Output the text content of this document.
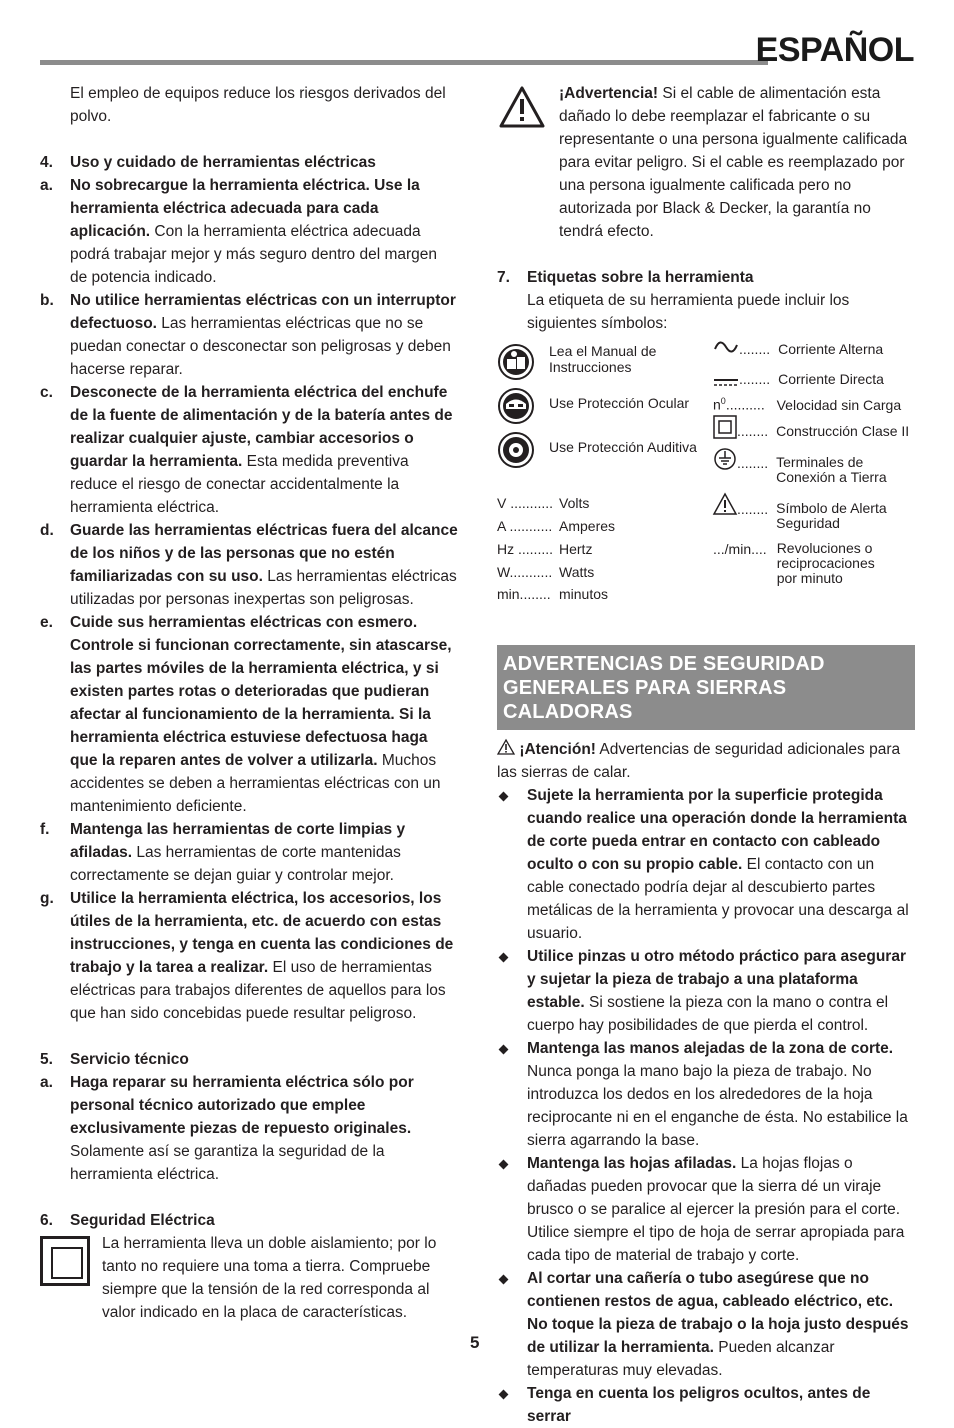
ESPAÑOL

El empleo de equipos reduce los riesgos derivados del polvo.

4. Uso y cuidado de herramientas eléctricas
a. No sobrecargue la herramienta eléctrica. Use la herramienta eléctrica adecuada para cada aplicación. Con la herramienta eléctrica adecuada podrá trabajar mejor y más seguro dentro del margen de potencia indicado.
b. No utilice herramientas eléctricas con un interruptor defectuoso. Las herramientas eléctricas que no se puedan conectar o desconectar son peligrosas y deben hacerse reparar.
c. Desconecte de la herramienta eléctrica del enchufe de la fuente de alimentación y de la batería antes de realizar cualquier ajuste, cambiar accesorios o guardar la herramienta. Esta medida preventiva reduce el riesgo de conectar accidentalmente la herramienta eléctrica.
d. Guarde las herramientas eléctricas fuera del alcance de los niños y de las personas que no estén familiarizadas con su uso. Las herramientas eléctricas utilizadas por personas inexpertas son peligrosas.
e. Cuide sus herramientas eléctricas con esmero. Controle si funcionan correctamente, sin atascarse, las partes móviles de la herramienta eléctrica, y si existen partes rotas o deterioradas que pudieran afectar al funcionamiento de la herramienta. Si la herramienta eléctrica estuviese defectuosa haga que la reparen antes de volver a utilizarla. Muchos accidentes se deben a herramientas eléctricas con un mantenimiento deficiente.
f. Mantenga las herramientas de corte limpias y afiladas. Las herramientas de corte mantenidas correctamente se dejan guiar y controlar mejor.
g. Utilice la herramienta eléctrica, los accesorios, los útiles de la herramienta, etc. de acuerdo con estas instrucciones, y tenga en cuenta las condiciones de trabajo y la tarea a realizar. El uso de herramientas eléctricas para trabajos diferentes de aquellos para los que han sido concebidas puede resultar peligroso.
5. Servicio técnico
a. Haga reparar su herramienta eléctrica sólo por personal técnico autorizado que emplee exclusivamente piezas de repuesto originales. Solamente así se garantiza la seguridad de la herramienta eléctrica.
6. Seguridad Eléctrica

La herramienta lleva un doble aislamiento; por lo tanto no requiere una toma a tierra. Compruebe siempre que la tensión de la red corresponda al valor indicado en la placa de características.

¡Advertencia! Si el cable de alimentación esta dañado lo debe reemplazar el fabricante o su representante o una persona igualmente calificada para evitar peligro. Si el cable es reemplazado por una persona igualmente calificada pero no autorizada por Black & Decker, la garantía no tendrá efecto.

7. Etiquetas sobre la herramienta

La etiqueta de su herramienta puede incluir los siguientes símbolos:

Lea el Manual de Instrucciones
Use Protección Ocular
Use Protección Auditiva
V ........... Volts
A ........... Amperes
Hz ......... Hertz
W........... Watts
min........ minutos
........ Corriente Alterna
........ Corriente Directa
$n^0$.......... Velocidad sin Carga
........ Construcción Clase II
........ Terminales de Conexión a Tierra
........ Símbolo de Alerta Seguridad
.../min.... Revoluciones o reciprocaciones por minuto
ADVERTENCIAS DE SEGURIDAD
GENERALES PARA SIERRAS CALADORAS

¡Atención! Advertencias de seguridad adicionales para las sierras de calar.

Sujete la herramienta por la superficie protegida cuando realice una operación donde la herramienta de corte pueda entrar en contacto con cableado oculto o con su propio cable. El contacto con un cable conectado podría dejar al descubierto partes metálicas de la herramienta y provocar una descarga al usuario.
Utilice pinzas u otro método práctico para asegurar y sujetar la pieza de trabajo a una plataforma estable. Si sostiene la pieza con la mano o contra el cuerpo hay posibilidades de que pierda el control.
Mantenga las manos alejadas de la zona de corte. Nunca ponga la mano bajo la pieza de trabajo. No introduzca los dedos en los alrededores de la hoja reciprocante ni en el enganche de ésta. No estabilice la sierra agarrando la base.
Mantenga las hojas afiladas. La hojas flojas o dañadas pueden provocar que la sierra dé un viraje brusco o se paralice al ejercer la presión para el corte. Utilice siempre el tipo de hoja de serrar apropiada para cada tipo de material de trabajo y corte.
Al cortar una cañería o tubo asegúrese que no contienen restos de agua, cableado eléctrico, etc. No toque la pieza de trabajo o la hoja justo después de utilizar la herramienta. Pueden alcanzar temperaturas muy elevadas.
Tenga en cuenta los peligros ocultos, antes de serrar
5
